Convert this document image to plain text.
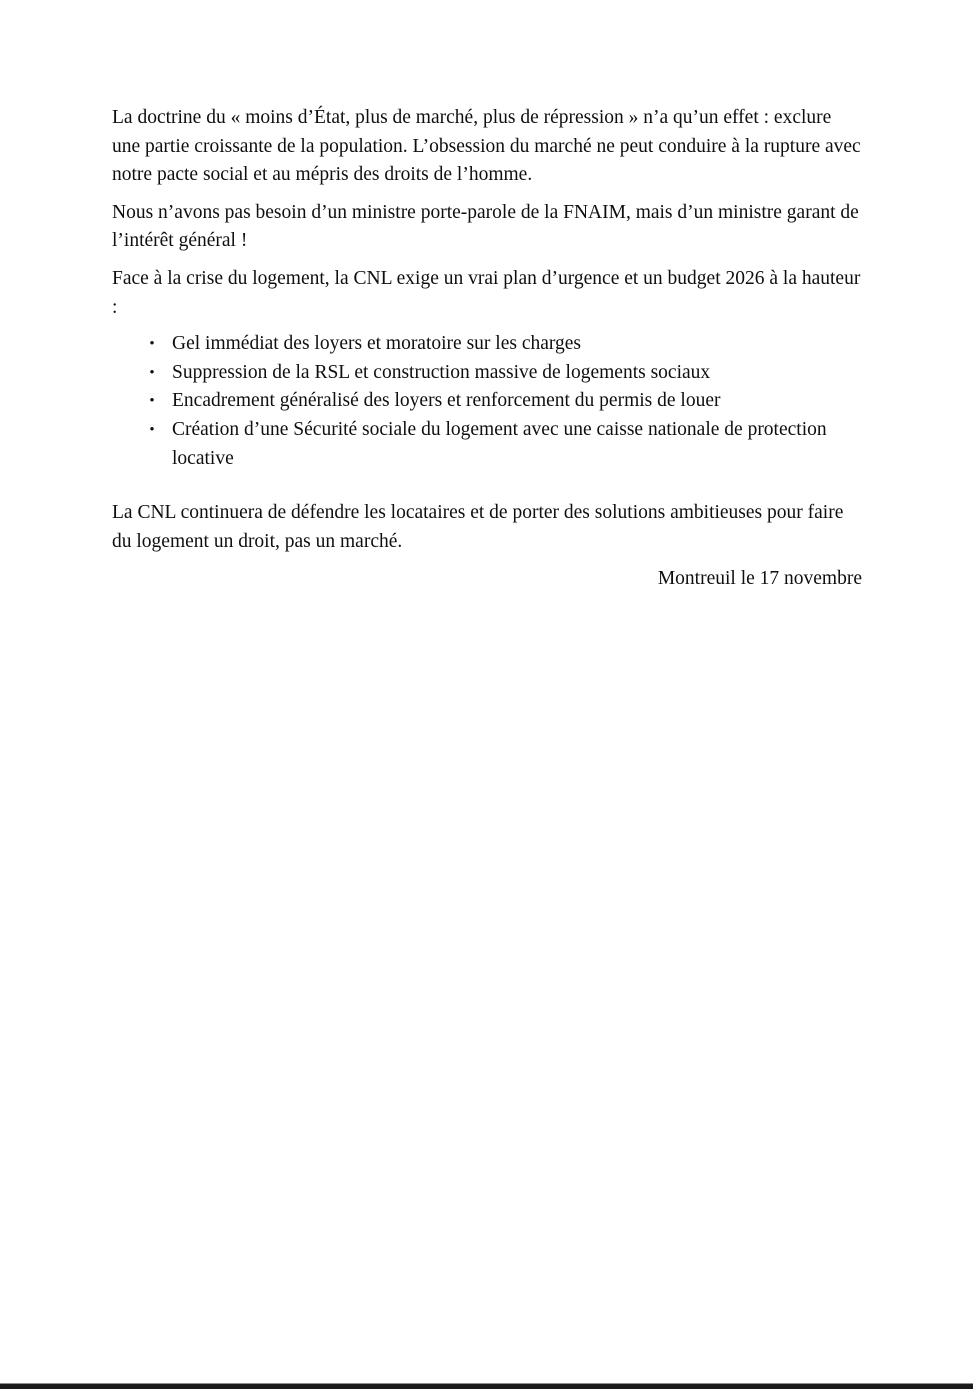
La doctrine du « moins d’État, plus de marché, plus de répression » n’a qu’un effet : exclure une partie croissante de la population. L’obsession du marché ne peut conduire à la rupture avec notre pacte social et au mépris des droits de l’homme.

Nous n’avons pas besoin d’un ministre porte-parole de la FNAIM, mais d’un ministre garant de l’intérêt général !

Face à la crise du logement, la CNL exige un vrai plan d’urgence et un budget 2026 à la hauteur :

• Gel immédiat des loyers et moratoire sur les charges
• Suppression de la RSL et construction massive de logements sociaux
• Encadrement généralisé des loyers et renforcement du permis de louer
• Création d’une Sécurité sociale du logement avec une caisse nationale de protection locative

La CNL continuera de défendre les locataires et de porter des solutions ambitieuses pour faire du logement un droit, pas un marché.

Montreuil le 17 novembre
